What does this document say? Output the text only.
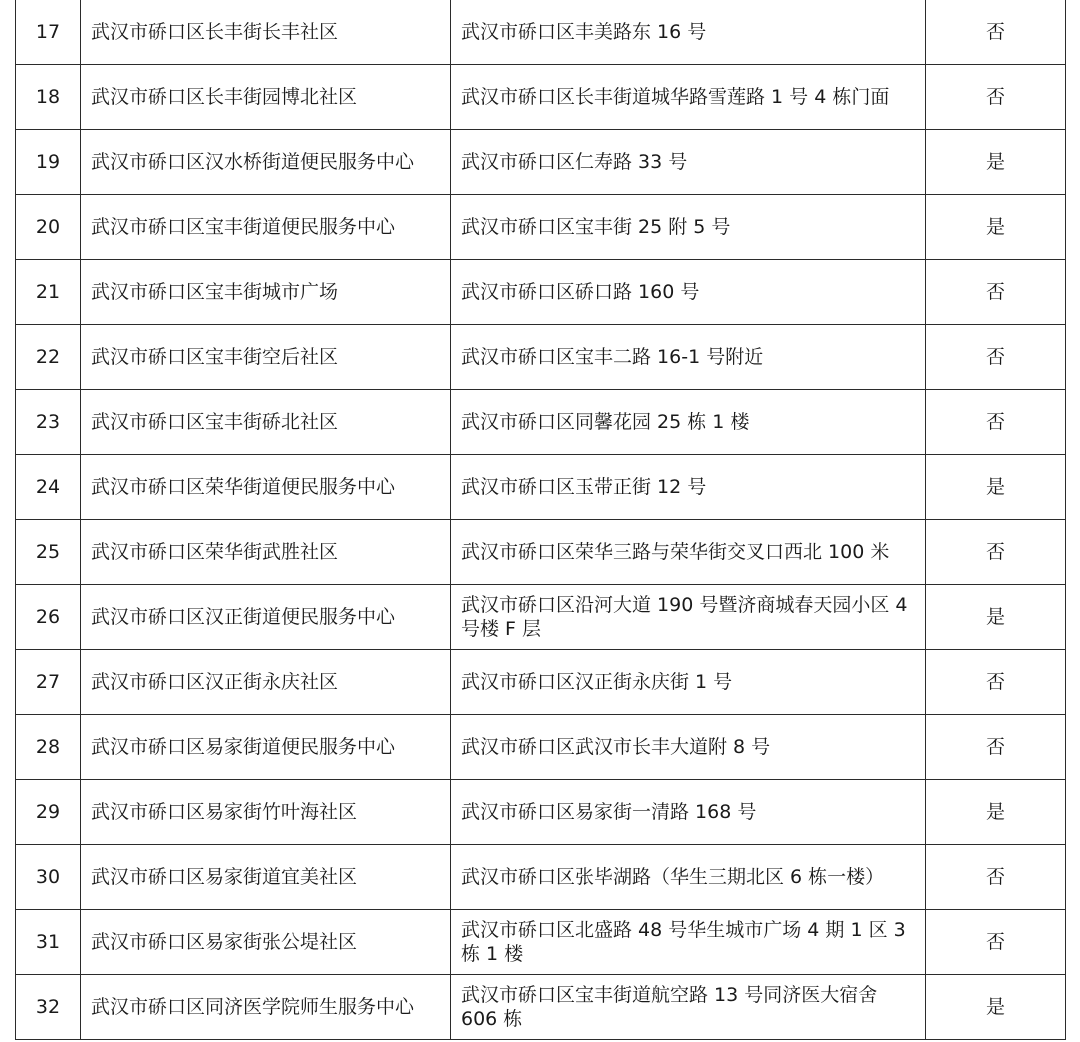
17	武汉市硚口区长丰街长丰社区	武汉市硚口区丰美路东 16 号	否
18	武汉市硚口区长丰街园博北社区	武汉市硚口区长丰街道城华路雪莲路 1 号 4 栋门面	否
19	武汉市硚口区汉水桥街道便民服务中心	武汉市硚口区仁寿路 33 号	是
20	武汉市硚口区宝丰街道便民服务中心	武汉市硚口区宝丰街 25 附 5 号	是
21	武汉市硚口区宝丰街城市广场	武汉市硚口区硚口路 160 号	否
22	武汉市硚口区宝丰街空后社区	武汉市硚口区宝丰二路 16-1 号附近	否
23	武汉市硚口区宝丰街硚北社区	武汉市硚口区同馨花园 25 栋 1 楼	否
24	武汉市硚口区荣华街道便民服务中心	武汉市硚口区玉带正街 12 号	是
25	武汉市硚口区荣华街武胜社区	武汉市硚口区荣华三路与荣华街交叉口西北 100 米	否
26	武汉市硚口区汉正街道便民服务中心	武汉市硚口区沿河大道 190 号暨济商城春天园小区 4 号楼 F 层	是
27	武汉市硚口区汉正街永庆社区	武汉市硚口区汉正街永庆街 1 号	否
28	武汉市硚口区易家街道便民服务中心	武汉市硚口区武汉市长丰大道附 8 号	否
29	武汉市硚口区易家街竹叶海社区	武汉市硚口区易家街一清路 168 号	是
30	武汉市硚口区易家街道宜美社区	武汉市硚口区张毕湖路（华生三期北区 6 栋一楼）	否
31	武汉市硚口区易家街张公堤社区	武汉市硚口区北盛路 48 号华生城市广场 4 期 1 区 3 栋 1 楼	否
32	武汉市硚口区同济医学院师生服务中心	武汉市硚口区宝丰街道航空路 13 号同济医大宿舍 606 栋	是
